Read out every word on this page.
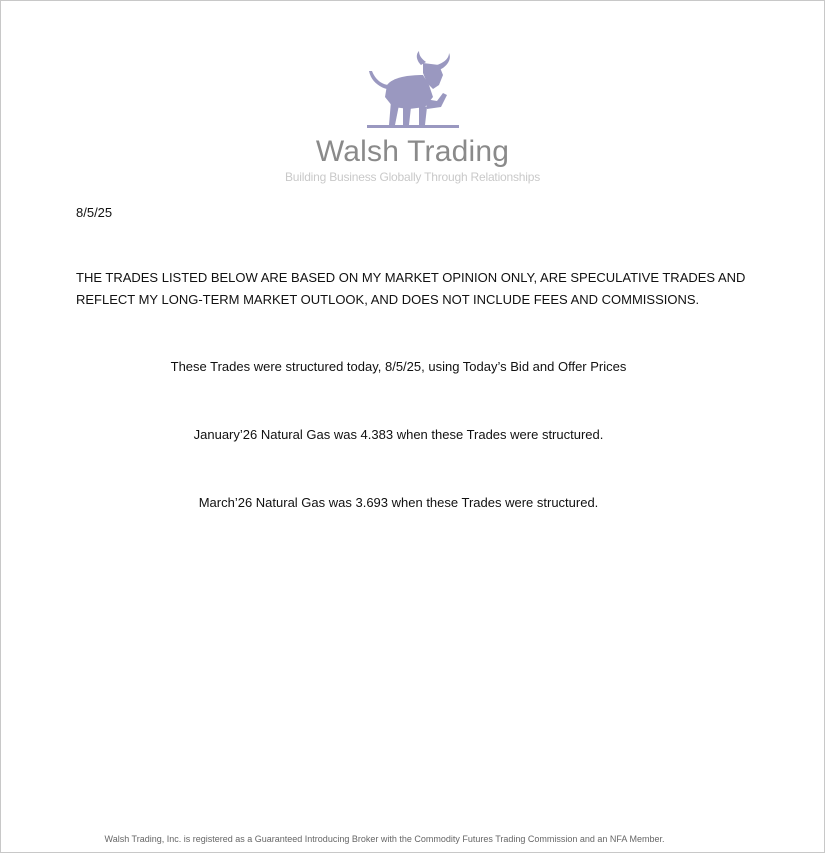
Walsh Trading
Building Business Globally Through Relationships
8/5/25
THE TRADES LISTED BELOW ARE BASED ON MY MARKET OPINION ONLY, ARE SPECULATIVE TRADES AND REFLECT MY LONG-TERM MARKET OUTLOOK, AND DOES NOT INCLUDE FEES AND COMMISSIONS.
These Trades were structured today, 8/5/25, using Today’s Bid and Offer Prices
January’26 Natural Gas was 4.383 when these Trades were structured.
March’26 Natural Gas was 3.693 when these Trades were structured.
Walsh Trading, Inc. is registered as a Guaranteed Introducing Broker with the Commodity Futures Trading Commission and an NFA Member.
